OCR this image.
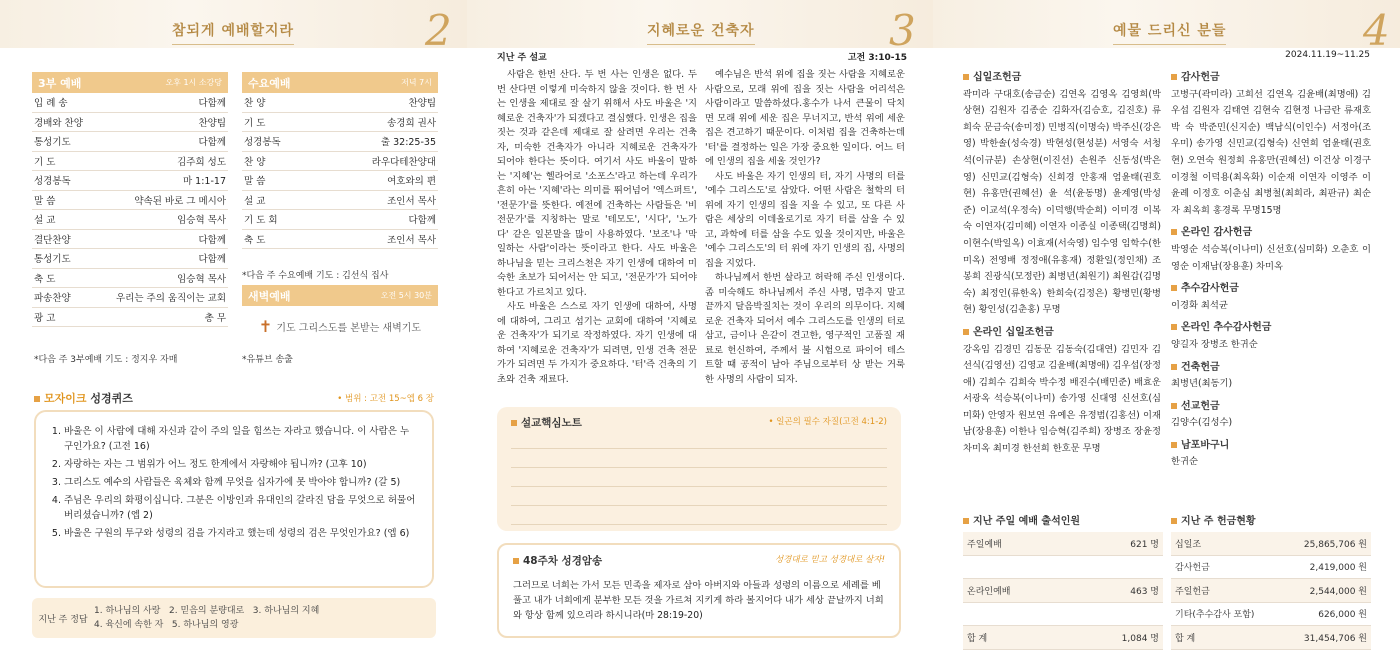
참되게 예배할지라	2
3부 예배	오후 1시 소강당
입 례 송	다함께
경배와 찬양	찬양팀
통성기도	다함께
기 도	김주희 성도
성경봉독	마 1:1-17
말 씀	약속된 바로 그 메시아
설 교	임승혁 목사
결단찬양	다함께
통성기도	다함께
축 도	임승혁 목사
파송찬양	우리는 주의 움직이는 교회
광 고	총 무
*다음 주 3부예배 기도 : 정지우 자매
수요예배	저녁 7시
찬 양	찬양팀
기 도	송경희 권사
성경봉독	출 32:25-35
찬 양	라우다테찬양대
말 씀	여호와의 편
설 교	조인서 목사
기 도 회	다함께
축 도	조인서 목사
*다음 주 수요예배 기도 : 김선식 집사
새벽예배	오전 5시 30분
✝ 기도 그리스도를 본받는 새벽기도
*유튜브 송출
모자이크 성경퀴즈	• 범위 : 고전 15~엡 6 장
1. 바울은 이 사람에 대해 자신과 같이 주의 일을 힘쓰는 자라고 했습니다. 이 사람은 누구인가요? (고전 16)
2. 자랑하는 자는 그 범위가 어느 정도 한계에서 자랑해야 됩니까? (고후 10)
3. 그리스도 예수의 사람들은 육체와 함께 무엇을 십자가에 못 박아야 합니까? (갈 5)
4. 주님은 우리의 화평이십니다. 그분은 이방인과 유대인의 갈라진 담을 무엇으로 허물어 버리셨습니까? (엡 2)
5. 바울은 구원의 투구와 성령의 검을 가지라고 했는데 성령의 검은 무엇인가요? (엡 6)
지난 주 정답
1. 하나님의 사랑   2. 믿음의 분량대로   3. 하나님의 지혜
4. 육신에 속한 자   5. 하나님의 영광
지혜로운 건축자	3
지난 주 설교	고전 3:10-15

사람은 한번 산다. 두 번 사는 인생은 없다. 두 번 산다면 이렇게 미숙하지 않을 것이다. 한 번 사는 인생을 제대로 잘 살기 위해서 사도 바울은 '지혜로운 건축자'가 되겠다고 결심했다. 인생은 집을 짓는 것과 같은데 제대로 잘 살려면 우리는 건축자, 미숙한 건축자가 아니라 지혜로운 건축자가 되어야 한다는 뜻이다. 여기서 사도 바울이 말하는 '지혜'는 헬라어로 '소포스'라고 하는데 우리가 흔히 아는 '지혜'라는 의미를 뛰어넘어 '엑스퍼트', '전문가'를 뜻한다. 예전에 건축하는 사람들은 '비전문가'를 지칭하는 말로 '테모도', '시다', '노가다' 같은 일본말을 많이 사용하였다. '보조'나 '막 일하는 사람'이라는 뜻이라고 한다. 사도 바울은 하나님을 믿는 크리스천은 자기 인생에 대하여 미숙한 초보가 되어서는 안 되고, '전문가'가 되어야 한다고 가르치고 있다.

사도 바울은 스스로 자기 인생에 대하여, 사명에 대하여, 그리고 섬기는 교회에 대하여 '지혜로운 건축자'가 되기로 작정하였다. 자기 인생에 대하여 '지혜로운 건축자'가 되려면, 인생 건축 전문가가 되려면 두 가지가 중요하다. '터'즉 건축의 기초와 건축 재료다.

예수님은 반석 위에 집을 짓는 사람을 지혜로운 사람으로, 모래 위에 집을 짓는 사람을 어리석은 사람이라고 말씀하셨다.홍수가 나서 큰물이 닥치면 모래 위에 세운 집은 무너지고, 반석 위에 세운 집은 견고하기 때문이다. 이처럼 집을 건축하는데 '터'를 결정하는 일은 가장 중요한 일이다. 어느 터에 인생의 집을 세울 것인가?

사도 바울은 자기 인생의 터, 자기 사명의 터를 '예수 그리스도'로 삼았다. 어떤 사람은 철학의 터 위에 자기 인생의 집을 지을 수 있고, 또 다른 사람은 세상의 이데올로기로 자기 터를 삼을 수 있고, 과학에 터를 삼을 수도 있을 것이지만, 바울은 '예수 그리스도'의 터 위에 자기 인생의 집, 사명의 집을 지었다.

하나님께서 한번 살라고 허락해 주신 인생이다. 좀 미숙해도 하나님께서 주신 사명, 멈추지 말고 끝까지 달음박질치는 것이 우리의 의무이다. 지혜로운 건축자 되어서 예수 그리스도를 인생의 터로 삼고, 금이나 은같이 견고한, 영구적인 고품질 재료로 헌신하여, 주께서 불 시험으로 파이어 테스트할 때 공적이 남아 주님으로부터 상 받는 거룩한 사명의 사람이 되자.

설교핵심노트	• 일곤의 필수 자질(고전 4:1-2)
48주차 성경암송	성경대로 믿고 성경대로 살자!
그러므로 너희는 가서 모든 민족을 제자로 삼아 아버지와 아들과 성령의 이름으로 세례를 베풀고 내가 너희에게 분부한 모든 것을 가르쳐 지키게 하라 볼지어다 내가 세상 끝날까지 너희와 항상 함께 있으리라 하시니라(마 28:19-20)
예물 드리신 분들	4
2024.11.19~11.25
십일조헌금
곽미라 구대호(송금순) 김연옥 김영옥 김영희(박상현) 김원자 김종순 김화자(김승호, 김진호) 류희숙 문금숙(송미정) 민병직(이명숙) 박주신(강은영) 박한솔(성숙경) 박현성(현성분) 서영숙 서청석(이규분) 손상현(이진선) 손원주 신동성(박은영) 신민교(김형숙) 신희경 안홍재 엄윤태(권호현) 유홍만(권혜선) 윤 석(윤동명) 윤계영(박성준) 이교석(우정숙) 이덕행(박순희) 이미경 이복숙 이연자(김미혜) 이연자 이종실 이종택(김명희) 이현수(박일옥) 이효재(서숙영) 임수영 임학수(한미옥) 전영배 정정애(유홍재) 정환일(정인채) 조봉희 진광식(모정란) 최병년(최원기) 최원갑(김명숙) 최정인(류한옥) 한희숙(김정은) 황병민(황병현) 황인성(김춘홍) 무명
온라인 십일조헌금
강옥임 김경민 김동문 김동숙(김대연) 김민자 김선식(김영선) 김영교 김윤배(최명애) 김우섭(장정애) 김희수 김희숙 박수정 배진수(배민준) 배효운 서광옥 석승복(이나미) 송가영 신대영 신선호(심미화) 안영자 원보연 유예은 유정범(김홍선) 이재남(장용훈) 이한나 임승혁(김주희) 장병조 장윤정 차미옥 최미경 한선희 한호문 무명
감사헌금
고병구(곽미라) 고희선 김연옥 김윤배(최명애) 김우섭 김원자 김태연 김현숙 김현정 나금란 류재호 박 숙 박준민(신지순) 백남식(이인수) 서정아(조우미) 송가영 신민교(김형숙) 신연희 엄윤태(권호현) 오연숙 원정희 유홍만(권혜선) 이건상 이경구 이경철 이덕용(최옥화) 이순재 이연자 이영주 이윤례 이정호 이춘심 최병철(최희라, 최판규) 최순자 최옥희 홍경록 무명15명
온라인 감사헌금
박영순 석승복(이나미) 신선호(심미화) 오춘호 이영순 이재남(장용훈) 차미옥
추수감사헌금
이경화 최석균
온라인 추수감사헌금
양길자 장병조 한귀순
건축헌금
최병년(최동기)
선교헌금
김양수(김성수)
남포바구니
한귀순
지난 주일 예배 출석인원
주일예배	621 명
온라인예배	463 명
합 계	1,084 명
지난 주 헌금현황
십일조	25,865,706 원
감사헌금	2,419,000 원
주일헌금	2,544,000 원
기타(추수감사 포함)	626,000 원
합 계	31,454,706 원
